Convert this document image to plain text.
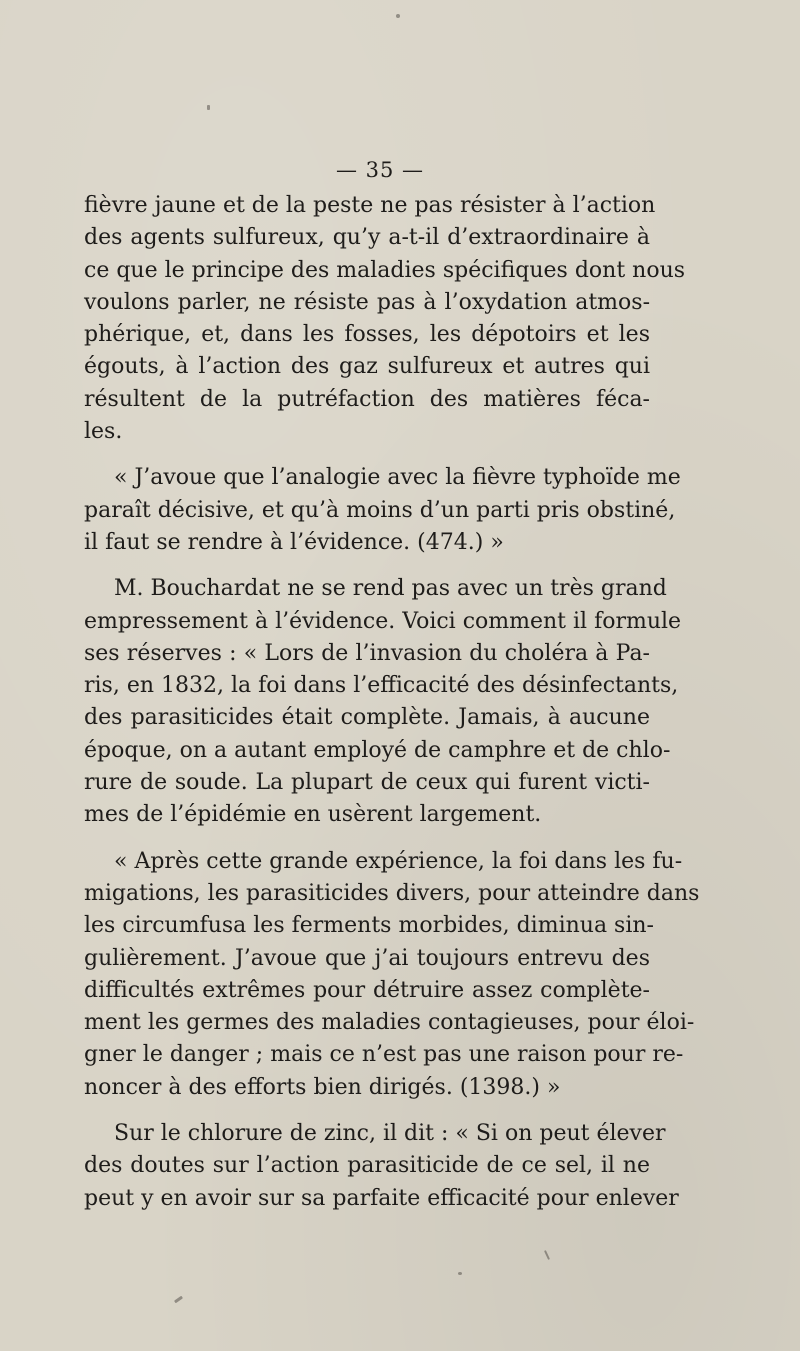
— 35 —
fièvre jaune et de la peste ne pas résister à l’action
des agents sulfureux, qu’y a-t-il d’extraordinaire à
ce que le principe des maladies spécifiques dont nous
voulons parler, ne résiste pas à l’oxydation atmos-
phérique, et, dans les fosses, les dépotoirs et les
égouts, à l’action des gaz sulfureux et autres qui
résultent de la putréfaction des matières féca-
les.
« J’avoue que l’analogie avec la fièvre typhoïde me
paraît décisive, et qu’à moins d’un parti pris obstiné,
il faut se rendre à l’évidence. (474.) »
M. Bouchardat ne se rend pas avec un très grand
empressement à l’évidence. Voici comment il formule
ses réserves : « Lors de l’invasion du choléra à Pa-
ris, en 1832, la foi dans l’efficacité des désinfectants,
des parasiticides était complète. Jamais, à aucune
époque, on a autant employé de camphre et de chlo-
rure de soude. La plupart de ceux qui furent victi-
mes de l’épidémie en usèrent largement.
« Après cette grande expérience, la foi dans les fu-
migations, les parasiticides divers, pour atteindre dans
les circumfusa les ferments morbides, diminua sin-
gulièrement. J’avoue que j’ai toujours entrevu des
difficultés extrêmes pour détruire assez complète-
ment les germes des maladies contagieuses, pour éloi-
gner le danger ; mais ce n’est pas une raison pour re-
noncer à des efforts bien dirigés. (1398.) »
Sur le chlorure de zinc, il dit : « Si on peut élever
des doutes sur l’action parasiticide de ce sel, il ne
peut y en avoir sur sa parfaite efficacité pour enlever
